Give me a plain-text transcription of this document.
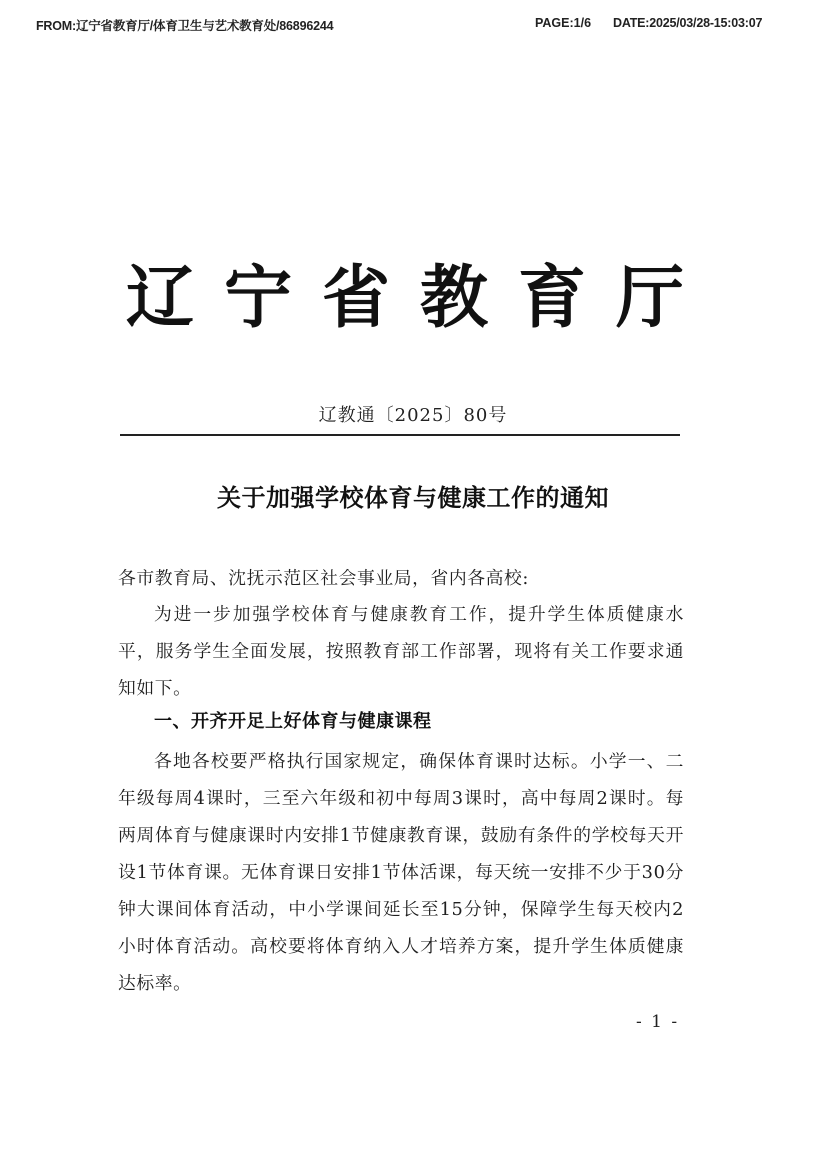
FROM:辽宁省教育厅/体育卫生与艺术教育处/86896244	PAGE:1/6 DATE:2025/03/28-15:03:07
辽宁省教育厅
辽教通〔2025〕80号
关于加强学校体育与健康工作的通知
各市教育局、沈抚示范区社会事业局，省内各高校:
为进一步加强学校体育与健康教育工作，提升学生体质健康水平，服务学生全面发展，按照教育部工作部署，现将有关工作要求通知如下。
一、开齐开足上好体育与健康课程
各地各校要严格执行国家规定，确保体育课时达标。小学一、二年级每周4课时，三至六年级和初中每周3课时，高中每周2课时。每两周体育与健康课时内安排1节健康教育课，鼓励有条件的学校每天开设1节体育课。无体育课日安排1节体活课，每天统一安排不少于30分钟大课间体育活动，中小学课间延长至15分钟，保障学生每天校内2小时体育活动。高校要将体育纳入人才培养方案，提升学生体质健康达标率。
- 1 -
